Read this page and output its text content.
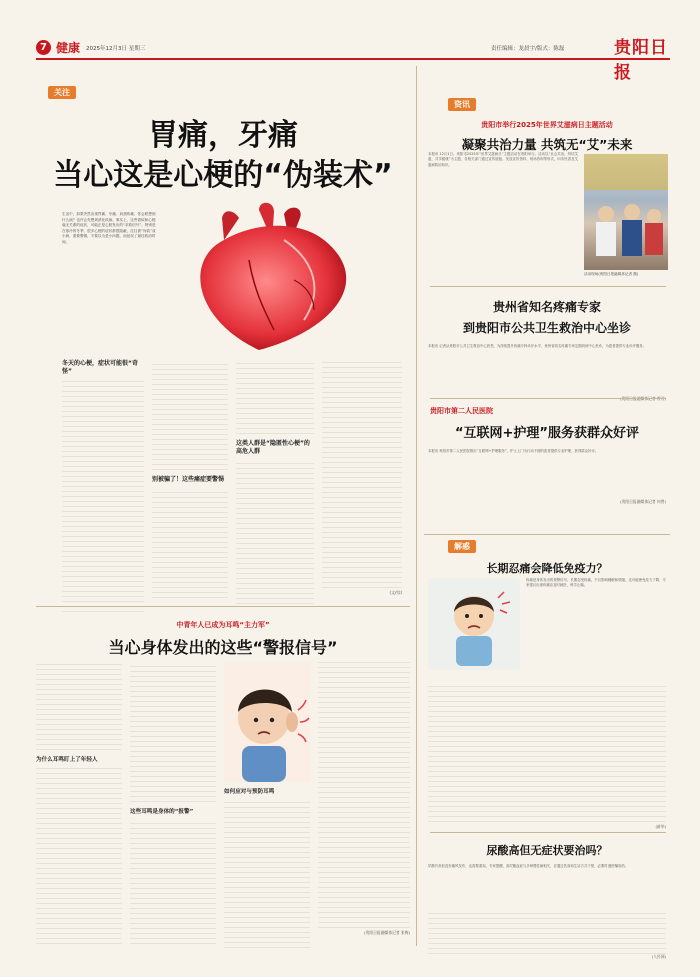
7 健康 2025年12月3日 星期三	责任编辑：龙晨宇/版式：陈磊	贵阳日报
关注
胃痛，牙痛
当心这是心梗的“伪装术”
生活中，如果突然出现胃痛、牙痛、肩颈疼痛，你会联想到什么病？也许会先想到消化疾病。事实上，这些看似和心梗毫无关系的症状，可能正是心脏发出的“求救信号”。特别是在寒冷的冬季，很多心梗的症状都很隐蔽，往往被“伪装”成小病，需要警惕，不要以为是小问题，而延误了最佳救治时间。
冬天的心梗，症状可能很“奇怪”
别被骗了！这些痛症要警惕
这类人群是“隐匿性心梗”的高危人群
(文/综)
资讯
贵阳市举行2025年世界艾滋病日主题活动
凝聚共治力量 共筑无“艾”未来
本报讯 12月1日，贵阳市2025年“世界艾滋病日”主题活动在贵阳举行。活动以“社会共治，终结艾滋，共享健康”为主题，各相关部门通过宣传展板、发放宣传资料、现场咨询等形式，向市民普及艾滋病防治知识。
活动现场(贵阳日报融媒体记者 摄)
贵州省知名疼痛专家
到贵阳市公共卫生救治中心坐诊
本报讯 记者从贵阳市公共卫生救治中心获悉，为持续提升疼痛专科诊疗水平，贵州省知名疼痛专家定期到该中心坐诊，为患者提供专业诊疗服务。
贵阳市第二人民医院
“互联网+护理”服务获群众好评
本报讯 贵阳市第二人民医院推出“互联网+护理服务”，护士上门为行动不便的患者提供专业护理，获得群众好评。
(贵阳日报融媒体记者 何曾)
解惑
长期忍痛会降低免疫力？
疼痛是身体发出的预警信号。长期忍受疼痛，不仅影响睡眠和情绪，还可能使免疫力下降，专家建议出现疼痛应及时就医，科学止痛。
(新华)
尿酸高但无症状要治吗？
尿酸升高但没有痛风发作，也需要重视。专家提醒，高尿酸血症与多种慢性病相关，应通过饮食和生活方式干预，必要时遵医嘱用药。
(人民网)
中青年人已成为耳鸣“主力军”
当心身体发出的这些“警报信号”
为什么耳鸣盯上了年轻人
这些耳鸣是身体的“报警”
如何应对与预防耳鸣
(贵阳日报融媒体记者 张梅)
